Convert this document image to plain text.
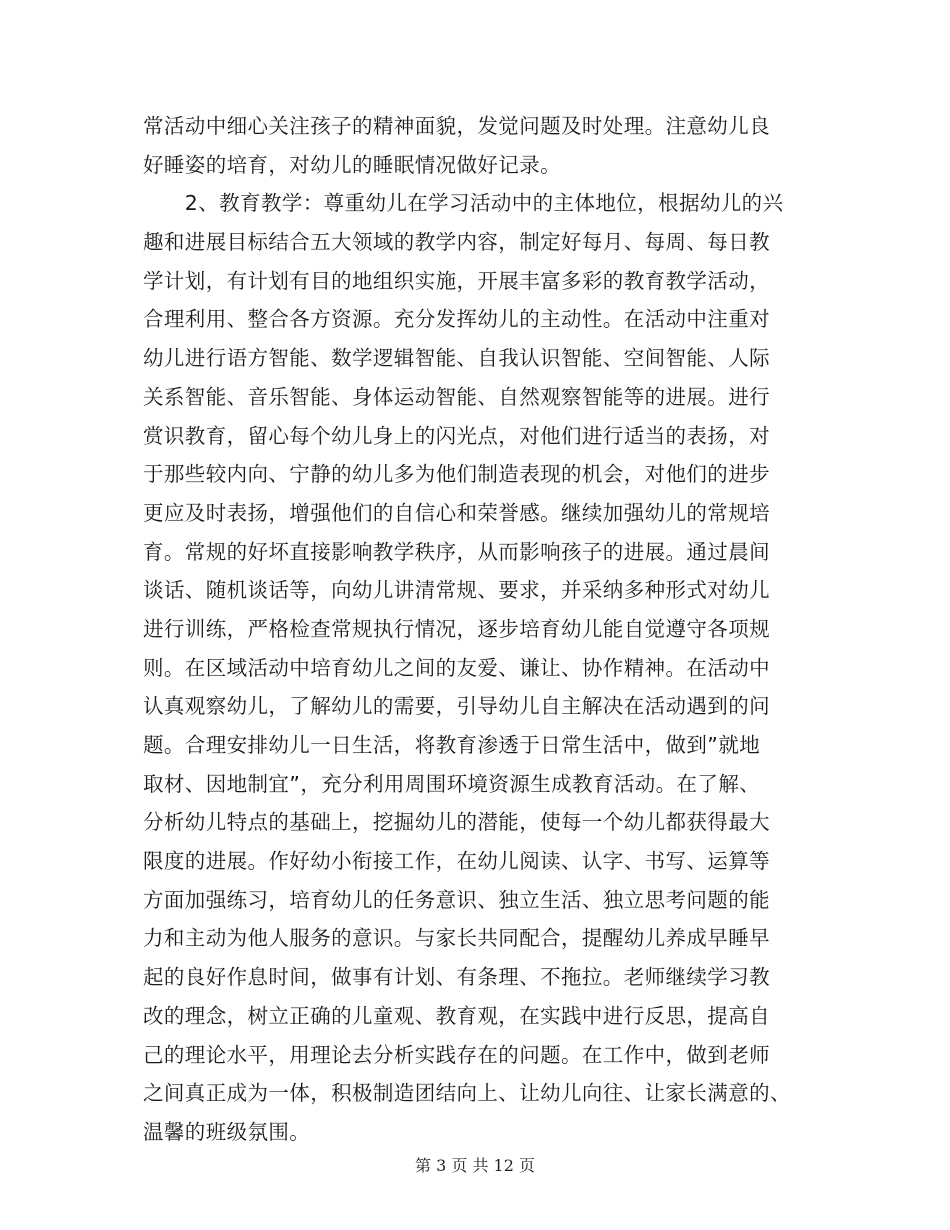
常活动中细心关注孩子的精神面貌，发觉问题及时处理。注意幼儿良
好睡姿的培育，对幼儿的睡眠情况做好记录。
　　2、教育教学：尊重幼儿在学习活动中的主体地位，根据幼儿的兴
趣和进展目标结合五大领域的教学内容，制定好每月、每周、每日教
学计划，有计划有目的地组织实施，开展丰富多彩的教育教学活动，
合理利用、整合各方资源。充分发挥幼儿的主动性。在活动中注重对
幼儿进行语方智能、数学逻辑智能、自我认识智能、空间智能、人际
关系智能、音乐智能、身体运动智能、自然观察智能等的进展。进行
赏识教育，留心每个幼儿身上的闪光点，对他们进行适当的表扬，对
于那些较内向、宁静的幼儿多为他们制造表现的机会，对他们的进步
更应及时表扬，增强他们的自信心和荣誉感。继续加强幼儿的常规培
育。常规的好坏直接影响教学秩序，从而影响孩子的进展。通过晨间
谈话、随机谈话等，向幼儿讲清常规、要求，并采纳多种形式对幼儿
进行训练，严格检查常规执行情况，逐步培育幼儿能自觉遵守各项规
则。在区域活动中培育幼儿之间的友爱、谦让、协作精神。在活动中
认真观察幼儿，了解幼儿的需要，引导幼儿自主解决在活动遇到的问
题。合理安排幼儿一日生活，将教育渗透于日常生活中，做到”就地
取材、因地制宜”，充分利用周围环境资源生成教育活动。在了解、
分析幼儿特点的基础上，挖掘幼儿的潜能，使每一个幼儿都获得最大
限度的进展。作好幼小衔接工作，在幼儿阅读、认字、书写、运算等
方面加强练习，培育幼儿的任务意识、独立生活、独立思考问题的能
力和主动为他人服务的意识。与家长共同配合，提醒幼儿养成早睡早
起的良好作息时间，做事有计划、有条理、不拖拉。老师继续学习教
改的理念，树立正确的儿童观、教育观，在实践中进行反思，提高自
己的理论水平，用理论去分析实践存在的问题。在工作中，做到老师
之间真正成为一体，积极制造团结向上、让幼儿向往、让家长满意的、
温馨的班级氛围。
第 3 页 共 12 页
